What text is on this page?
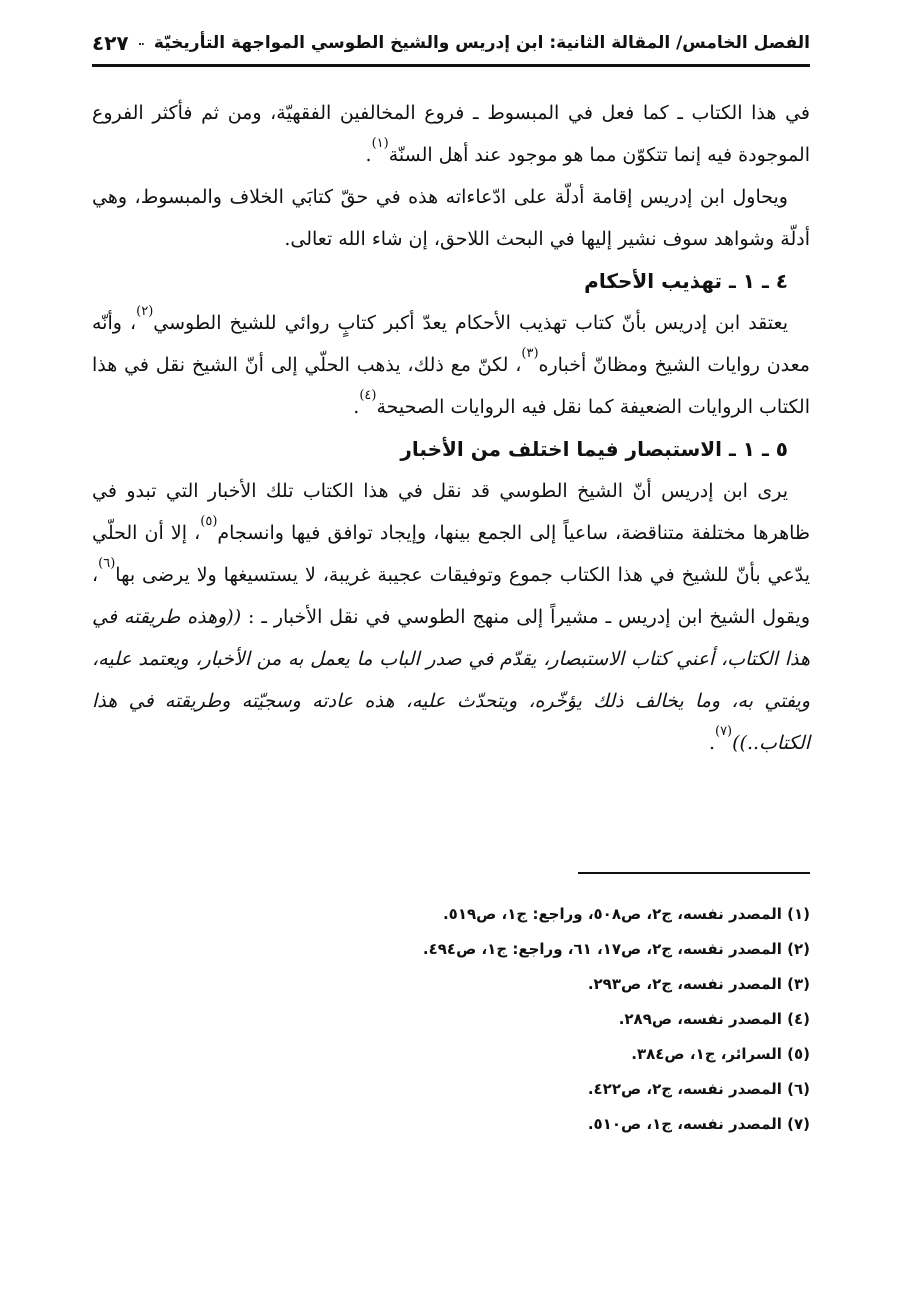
الفصل الخامس/ المقالة الثانية: ابن إدريس والشيخ الطوسي المواجهة التأريخيّة
٤٢٧

في هذا الكتاب ـ كما فعل في المبسوط ـ فروع المخالفين الفقهيّة، ومن ثم فأكثر الفروع الموجودة فيه إنما تتكوّن مما هو موجود عند أهل السنّة$^{(١)}$.

ويحاول ابن إدريس إقامة أدلّة على ادّعاءاته هذه في حقّ كتابَي الخلاف والمبسوط، وهي أدلّة وشواهد سوف نشير إليها في البحث اللاحق، إن شاء الله تعالى.

٤ ـ ١ ـ تهذيب الأحكام

يعتقد ابن إدريس بأنّ كتاب تهذيب الأحكام يعدّ أكبر كتابٍ روائي للشيخ الطوسي$^{(٢)}$، وأنّه معدن روايات الشيخ ومظانّ أخباره$^{(٣)}$، لكنّ مع ذلك، يذهب الحلّي إلى أنّ الشيخ نقل في هذا الكتاب الروايات الضعيفة كما نقل فيه الروايات الصحيحة$^{(٤)}$.

٥ ـ ١ ـ الاستبصار فيما اختلف من الأخبار

يرى ابن إدريس أنّ الشيخ الطوسي قد نقل في هذا الكتاب تلك الأخبار التي تبدو في ظاهرها مختلفة متناقضة، ساعياً إلى الجمع بينها، وإيجاد توافق فيها وانسجام$^{(٥)}$، إلا أن الحلّي يدّعي بأنّ للشيخ في هذا الكتاب جموع وتوفيقات عجيبة غريبة، لا يستسيغها ولا يرضى بها$^{(٦)}$، ويقول الشيخ ابن إدريس ـ مشيراً إلى منهج الطوسي في نقل الأخبار ـ : ((وهذه طريقته في هذا الكتاب، أعني كتاب الاستبصار، يقدّم في صدر الباب ما يعمل به من الأخبار، ويعتمد عليه، ويفتي به، وما يخالف ذلك يؤخّره، ويتحدّث عليه، هذه عادته وسجيّته وطريقته في هذا الكتاب..))$^{(٧)}$.

(١) المصدر نفسه، ج٢، ص٥٠٨، وراجع: ج١، ص٥١٩.
(٢) المصدر نفسه، ج٢، ص١٧، ٦١، وراجع: ج١، ص٤٩٤.
(٣) المصدر نفسه، ج٢، ص٢٩٣.
(٤) المصدر نفسه، ص٢٨٩.
(٥) السرائر، ج١، ص٣٨٤.
(٦) المصدر نفسه، ج٢، ص٤٢٢.
(٧) المصدر نفسه، ج١، ص٥١٠.
